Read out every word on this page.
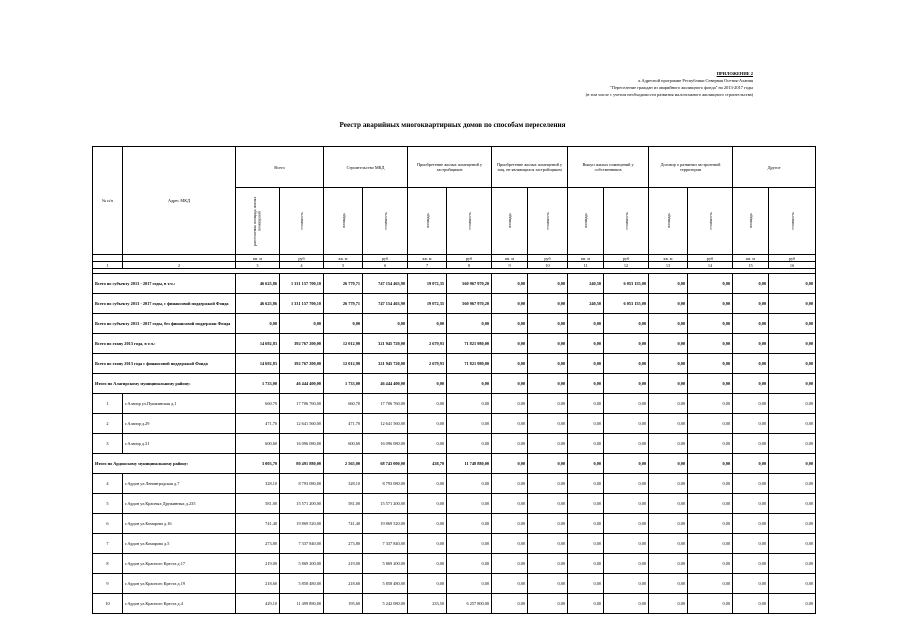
ПРИЛОЖЕНИЕ 2
к Адресной программе Республики Северная Осетия-Алания
"Переселение граждан из аварийного жилищного фонда" на 2013-2017 годы
(в том числе с учетом необходимости развития малоэтажного жилищного строительства)
Реестр аварийных многоквартирных домов по способам переселения
№ п/п	Адрес МКД	Всего		Строительство МКД		Приобретение жилых помещений у застройщиков		Приобретение жилых помещений у лиц, не являющихся застройщиком		Выкуп жилых помещений у собственников		Договор о развитии застроенной территории		Другое	
		расселяемая площадь жилых помещений	стоимость	площадь	стоимость	площадь	стоимость	площадь	стоимость	площадь	стоимость	площадь	стоимость	площадь	стоимость
		кв. м	руб	кв. м	руб	кв. м	руб	кв. м	руб	кв. м	руб	кв. м	руб	кв. м	руб
1	2	3	4	5	6	7	8	9	10	11	12	13	14	15	16

Всего по субъекту 2013 - 2017 годы, в т.ч.:		46 625,86	1 331 157 700,10	26 779,71	747 154 463,90	19 072,35	560 967 970,20	0,00	0,00	240,50	6 053 155,00	0,00	0,00	0,00	0,00
Всего по субъекту 2013 - 2017 годы, с финансовой поддержкой Фонда		46 625,86	1 331 157 700,10	26 779,71	747 154 463,90	19 072,35	560 967 970,20	0,00	0,00	240,50	6 053 155,00	0,00	0,00	0,00	0,00
Всего по субъекту 2013 - 2017 годы, без финансовой поддержки Фонда		0,00	0,00	0,00	0,00	0,00	0,00	0,00	0,00	0,00	0,00	0,00	0,00	0,00	0,00
Всего по этапу 2013 года, в т.ч.:		14 692,83	392 767 200,00	12 012,90	321 945 720,00	2 679,93	71 821 980,00	0,00	0,00	0,00	0,00	0,00	0,00	0,00	0,00
Всего по этапу 2013 года с финансовой поддержкой Фонда		14 692,83	392 767 200,00	12 012,90	321 945 720,00	2 679,93	71 821 980,00	0,00	0,00	0,00	0,00	0,00	0,00	0,00	0,00
Итого по Алагирскому муниципальному району:		1 733,00	46 444 400,00	1 733,00	46 444 400,00	0,00	0,00	0,00	0,00	0,00	0,00	0,00	0,00	0,00	0,00
1	г.Алагир ул.Пушкинская д.1	660,70	17 706 760,00	660,70	17 706 760,00	0,00	0,00	0,00	0,00	0,00	0,00	0,00	0,00	0,00	0,00
2	г.Алагир д.29	471,70	12 641 560,00	471,70	12 641 560,00	0,00	0,00	0,00	0,00	0,00	0,00	0,00	0,00	0,00	0,00
3	г.Алагир д.31	600,60	16 096 080,00	600,60	16 096 080,00	0,00	0,00	0,00	0,00	0,00	0,00	0,00	0,00	0,00	0,00
Итого по Ардонскому муниципальному району:		3 003,70	80 491 880,00	2 565,00	68 743 000,00	438,70	11 748 880,00	0,00	0,00	0,00	0,00	0,00	0,00	0,00	0,00
4	г.Ардон ул.Ленинградская д.7	328,10	8 793 080,00	328,10	8 793 080,00	0,00	0,00	0,00	0,00	0,00	0,00	0,00	0,00	0,00	0,00
5	г.Ардон ул.Красных Дружинных д.235	581,00	15 571 200,00	581,00	15 571 200,00	0,00	0,00	0,00	0,00	0,00	0,00	0,00	0,00	0,00	0,00
6	г.Ардон ул.Комарова д.16	741,40	19 869 520,00	741,40	19 869 520,00	0,00	0,00	0,00	0,00	0,00	0,00	0,00	0,00	0,00	0,00
7	г.Ардон ул.Комарова д.5	273,80	7 337 840,00	273,80	7 337 840,00	0,00	0,00	0,00	0,00	0,00	0,00	0,00	0,00	0,00	0,00
8	г.Ардон ул.Красного Креста д.17	219,00	5 869 200,00	219,00	5 869 200,00	0,00	0,00	0,00	0,00	0,00	0,00	0,00	0,00	0,00	0,00
9	г.Ардон ул.Красного Креста д.19	218,60	5 858 480,00	218,60	5 858 480,00	0,00	0,00	0,00	0,00	0,00	0,00	0,00	0,00	0,00	0,00
10	г.Ардон ул.Красного Креста д.4	429,10	11 499 880,00	195,60	5 242 080,00	233,50	6 257 800,00	0,00	0,00	0,00	0,00	0,00	0,00	0,00	0,00
